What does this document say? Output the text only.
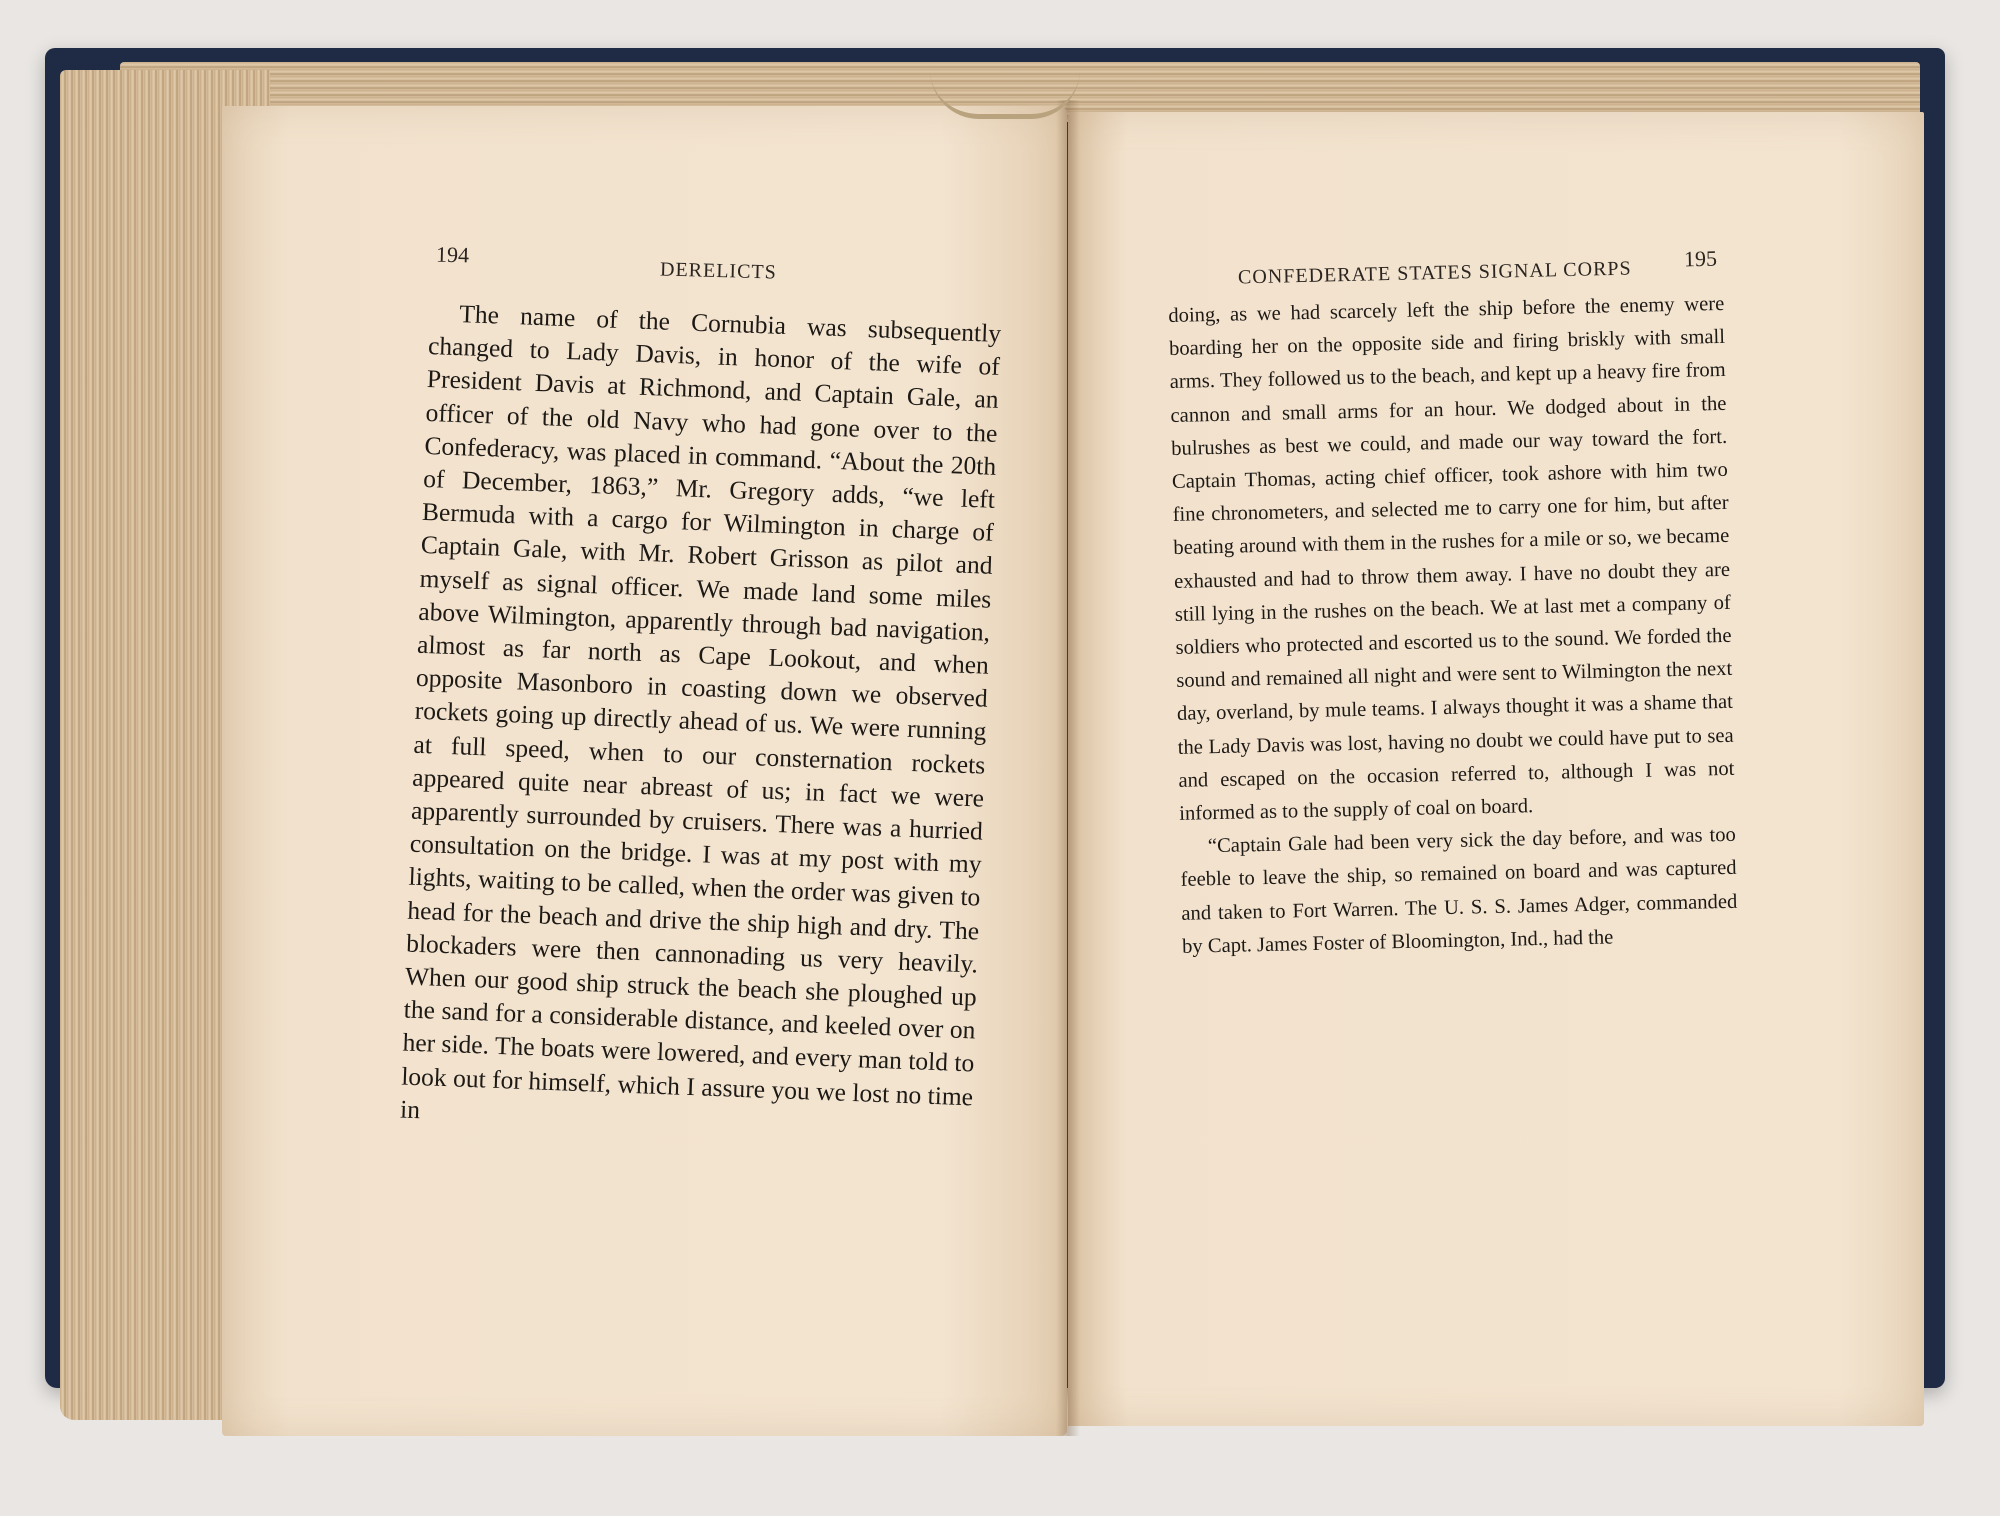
194
DERELICTS

The name of the Cornubia was subsequently changed to Lady Davis, in honor of the wife of President Davis at Richmond, and Captain Gale, an officer of the old Navy who had gone over to the Confederacy, was placed in command. “About the 20th of December, 1863,” Mr. Gregory adds, “we left Bermuda with a cargo for Wilmington in charge of Captain Gale, with Mr. Robert Grisson as pilot and myself as signal officer. We made land some miles above Wilmington, apparently through bad navigation, almost as far north as Cape Lookout, and when opposite Masonboro in coasting down we observed rockets going up directly ahead of us. We were running at full speed, when to our consternation rockets appeared quite near abreast of us; in fact we were apparently surrounded by cruisers. There was a hurried consultation on the bridge. I was at my post with my lights, waiting to be called, when the order was given to head for the beach and drive the ship high and dry. The blockaders were then cannonading us very heavily. When our good ship struck the beach she ploughed up the sand for a considerable distance, and keeled over on her side. The boats were lowered, and every man told to look out for himself, which I assure you we lost no time in

CONFEDERATE STATES SIGNAL CORPS 195

doing, as we had scarcely left the ship before the enemy were boarding her on the opposite side and firing briskly with small arms. They followed us to the beach, and kept up a heavy fire from cannon and small arms for an hour. We dodged about in the bulrushes as best we could, and made our way toward the fort. Captain Thomas, acting chief officer, took ashore with him two fine chronometers, and selected me to carry one for him, but after beating around with them in the rushes for a mile or so, we became exhausted and had to throw them away. I have no doubt they are still lying in the rushes on the beach. We at last met a company of soldiers who protected and escorted us to the sound. We forded the sound and remained all night and were sent to Wilmington the next day, overland, by mule teams. I always thought it was a shame that the Lady Davis was lost, having no doubt we could have put to sea and escaped on the occasion referred to, although I was not informed as to the supply of coal on board.

“Captain Gale had been very sick the day before, and was too feeble to leave the ship, so remained on board and was captured and taken to Fort Warren. The U. S. S. James Adger, commanded by Capt. James Foster of Bloomington, Ind., had the
